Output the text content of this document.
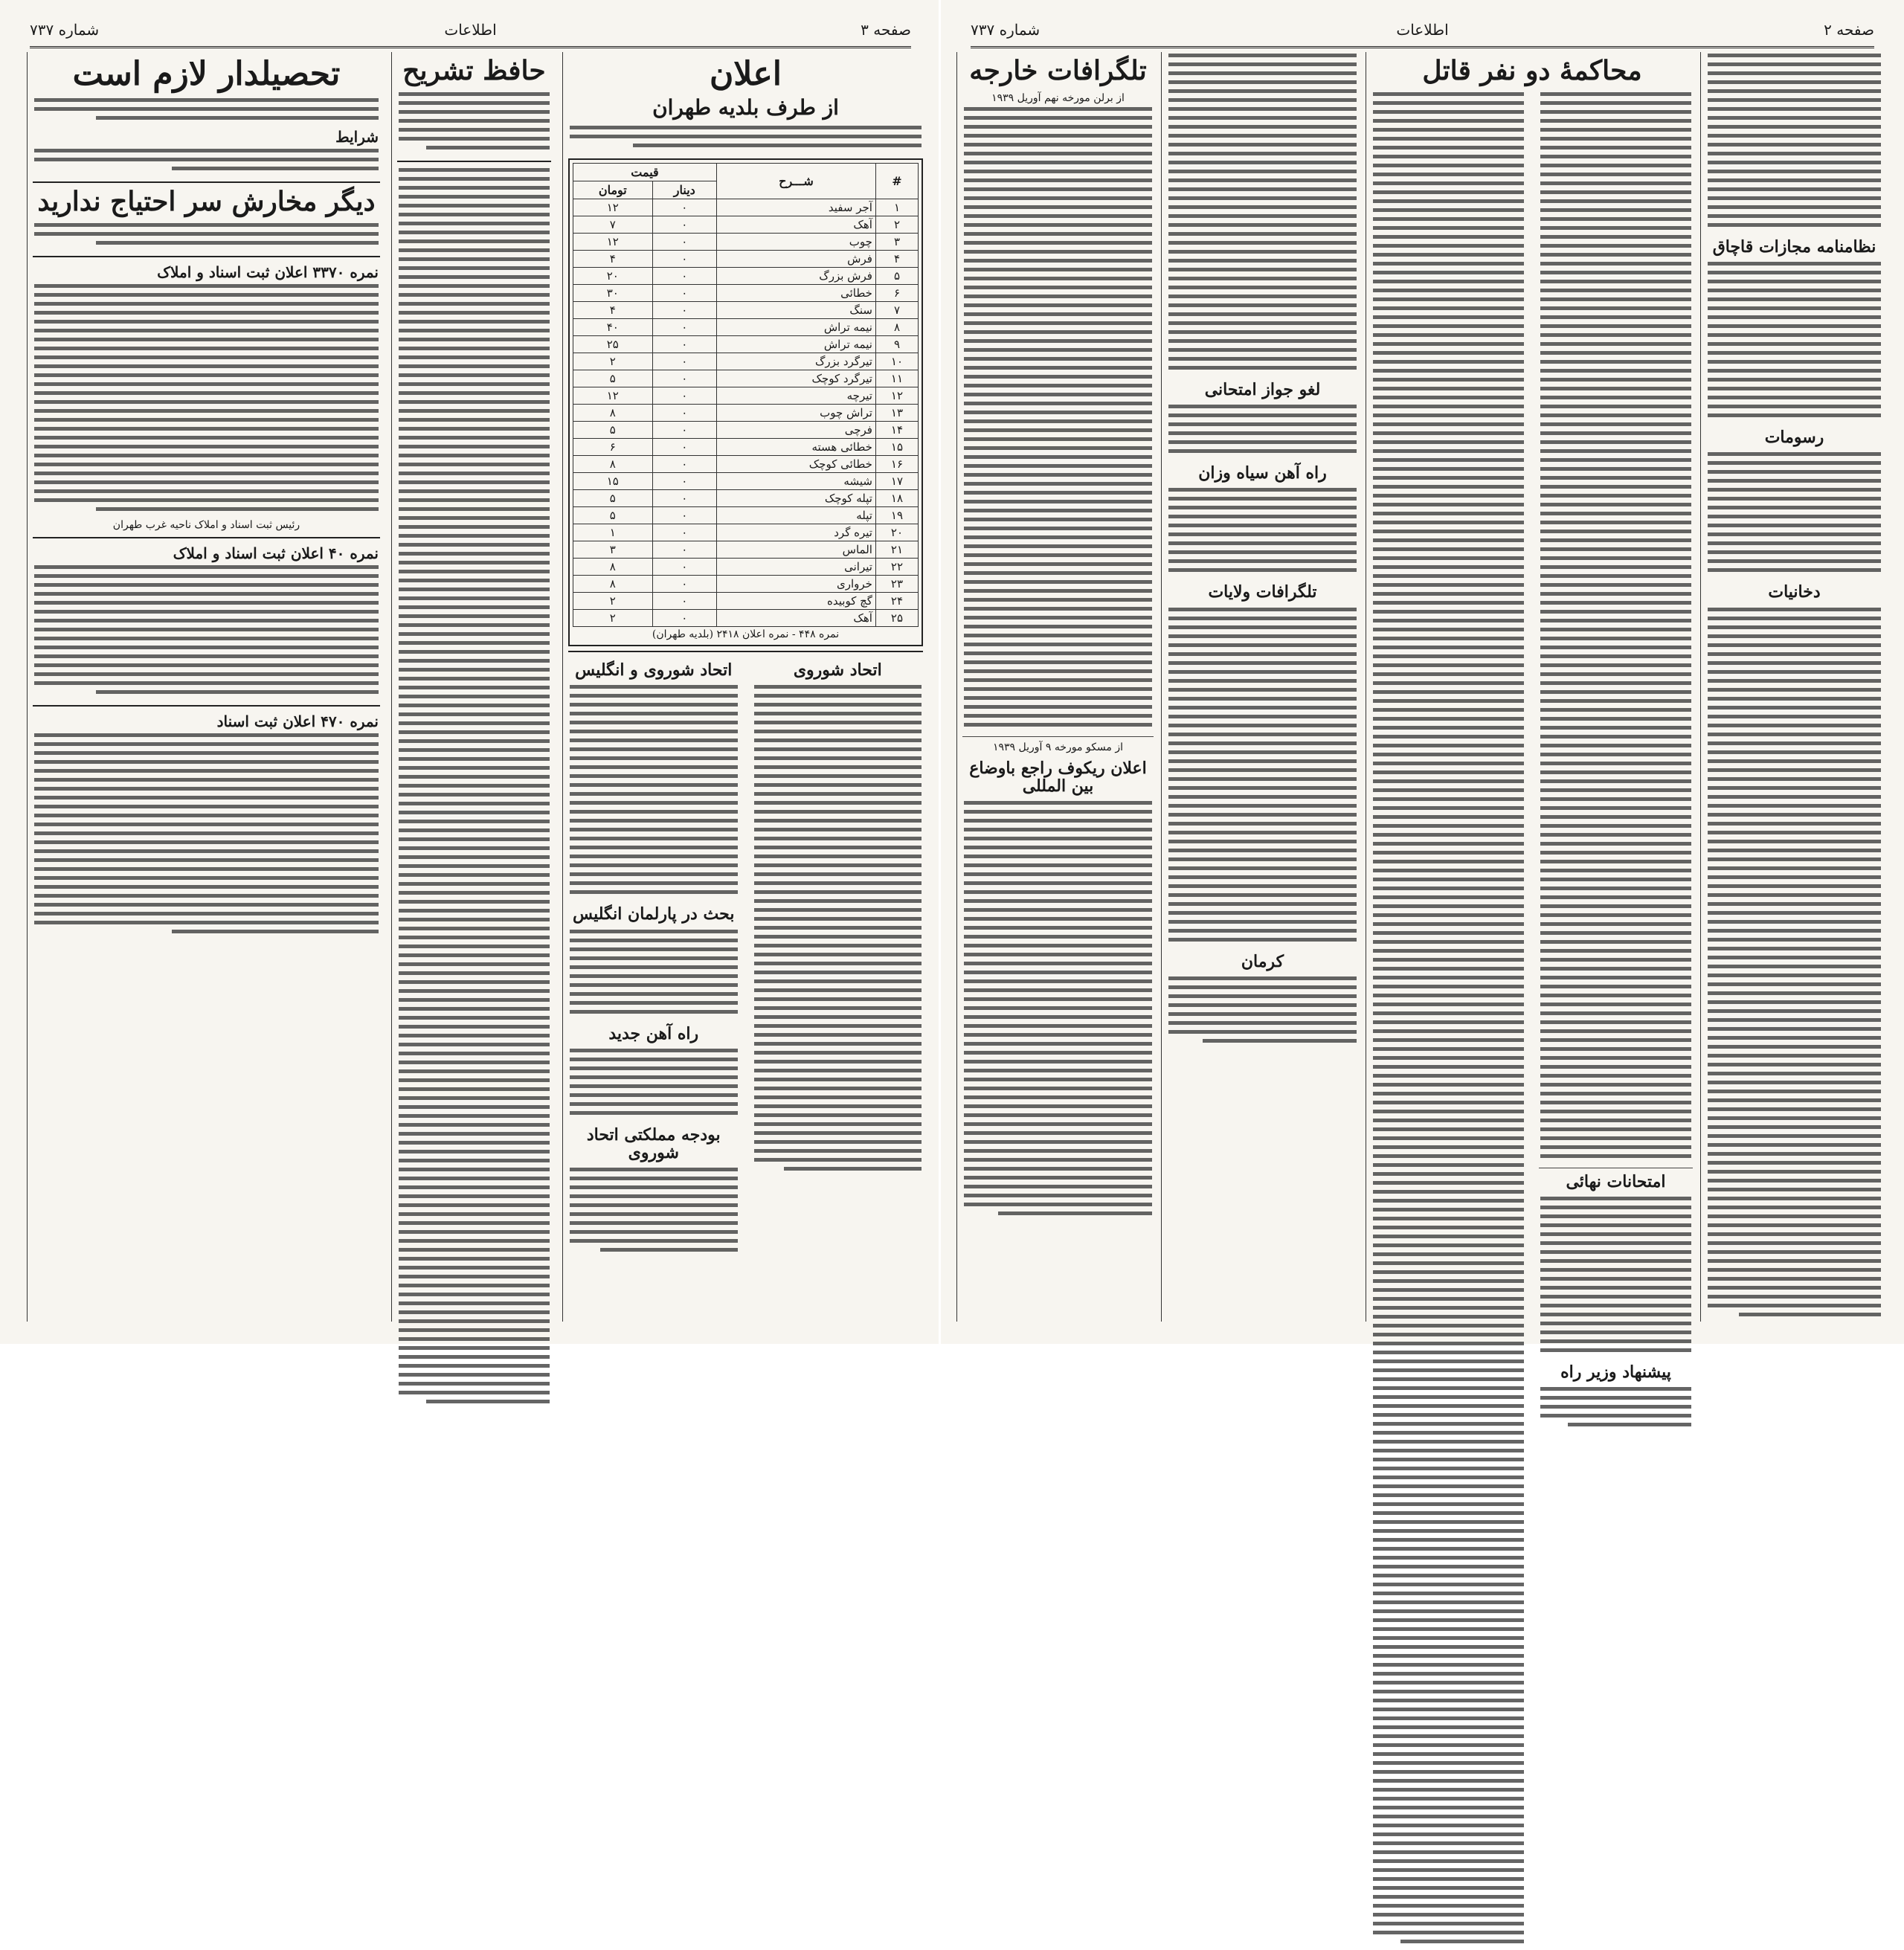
شماره ۷۳۷	اطلاعات	صفحه ۳
تحصیلدار لازم است
شرایط
دیگر مخارش سر احتیاج ندارید
نمره ۳۳۷۰ اعلان ثبت اسناد و املاک
رئیس ثبت اسناد و املاک ناحیه غرب طهران
نمره ۴۰ اعلان ثبت اسناد و املاک
نمره ۴۷۰ اعلان ثبت اسناد
حافظ تشریح	اعلان
از طرف بلدیه طهران
#	شـــرح	قیمت	
		دینار	تومان
۱	آجر سفید	۰	۱۲
۲	آهک	۰	۷
۳	چوب	۰	۱۲
۴	فرش	۰	۴
۵	فرش بزرگ	۰	۲۰
۶	خطائی	۰	۳۰
۷	سنگ	۰	۴
۸	نیمه تراش	۰	۴۰
۹	نیمه تراش	۰	۲۵
۱۰	تیرگرد بزرگ	۰	۲
۱۱	تیرگرد کوچک	۰	۵
۱۲	تیرچه	۰	۱۲
۱۳	تراش چوب	۰	۸
۱۴	فرچی	۰	۵
۱۵	خطائی هسته	۰	۶
۱۶	خطائی کوچک	۰	۸
۱۷	شیشه	۰	۱۵
۱۸	تپله کوچک	۰	۵
۱۹	تپله	۰	۵
۲۰	تیره گرد	۰	۱
۲۱	الماس	۰	۳
۲۲	تیرانی	۰	۸
۲۳	خرواری	۰	۸
۲۴	گچ کوبیده	۰	۲
۲۵	آهک	۰	۲
نمره ۴۴۸ - نمره اعلان ۲۴۱۸ (بلدیه طهران)
اتحاد شوروی و انگلیس
بحث در پارلمان انگلیس
راه آهن جدید
بودجه مملکتی اتحاد شوروی
اتحاد شوروی
شماره ۷۳۷	اطلاعات	صفحه ۲
تلگرافات خارجه
از برلن مورخه نهم آوریل ۱۹۳۹
از مسکو مورخه ۹ آوریل ۱۹۳۹
اعلان ریکوف راجع باوضاع بین المللی
لغو جواز امتحانی
راه آهن سیاه وزان
تلگرافات ولایات
کرمان
محاکمهٔ دو نفر قاتل
امتحانات نهائی
پیشنهاد وزیر راه
نظامنامه مجازات قاچاق
رسومات
دخانیات
